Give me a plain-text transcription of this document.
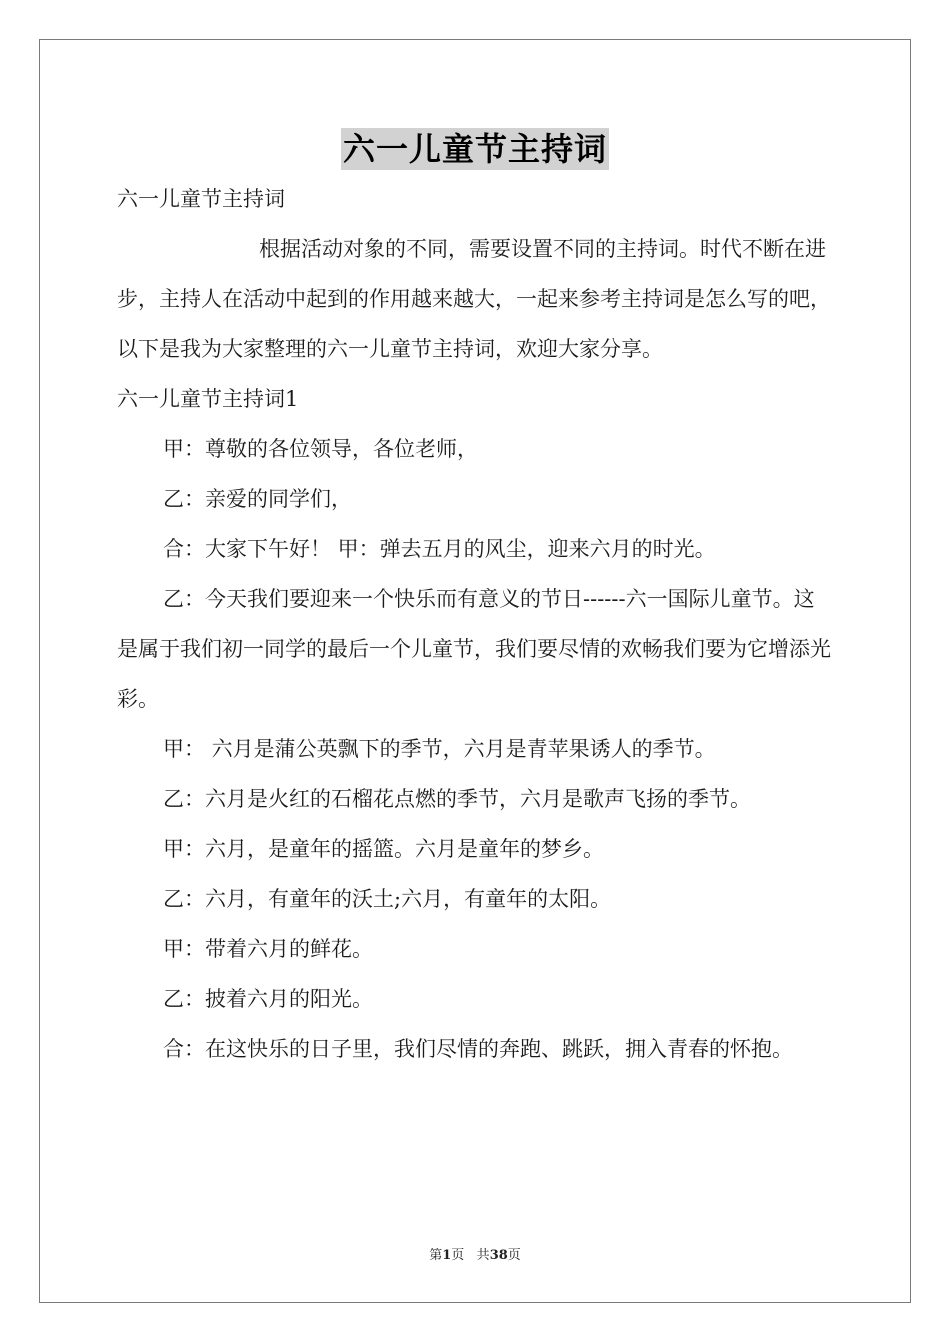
六一儿童节主持词

六一儿童节主持词

根据活动对象的不同，需要设置不同的主持词。时代不断在进步，主持人在活动中起到的作用越来越大，一起来参考主持词是怎么写的吧，以下是我为大家整理的六一儿童节主持词，欢迎大家分享。

六一儿童节主持词1

甲：尊敬的各位领导，各位老师，

乙：亲爱的同学们，

合：大家下午好！ 甲：弹去五月的风尘，迎来六月的时光。

乙：今天我们要迎来一个快乐而有意义的节日------六一国际儿童节。这是属于我们初一同学的最后一个儿童节，我们要尽情的欢畅我们要为它增添光彩。

甲： 六月是蒲公英飘下的季节，六月是青苹果诱人的季节。

乙：六月是火红的石榴花点燃的季节，六月是歌声飞扬的季节。

甲：六月，是童年的摇篮。六月是童年的梦乡。

乙：六月，有童年的沃土;六月，有童年的太阳。

甲：带着六月的鲜花。

乙：披着六月的阳光。

合：在这快乐的日子里，我们尽情的奔跑、跳跃，拥入青春的怀抱。

第1页 共38页
